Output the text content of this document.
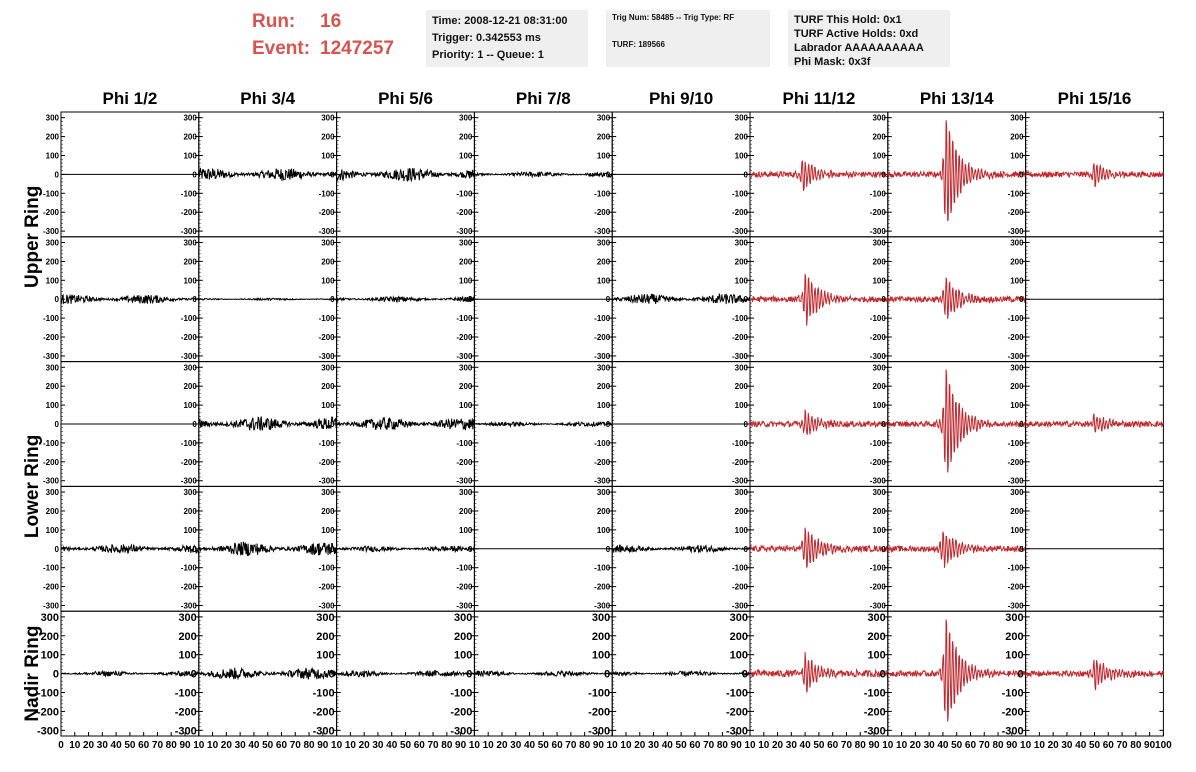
Run: 16
Event: 1247257
Time: 2008-12-21 08:31:00
Trigger: 0.342553 ms
Priority: 1 -- Queue: 1
Trig Num: 58485 -- Trig Type: RF
TURF: 189566
TURF This Hold: 0x1
TURF Active Holds: 0xd
Labrador AAAAAAAAAA
Phi Mask: 0x3f
Phi 1/2	Phi 3/4	Phi 5/6	Phi 7/8	Phi 9/10	Phi 11/12	Phi 13/14	Phi 15/16
Upper Ring
Lower Ring
Nadir Ring
300
200
100
0
-100
-200
-300
300
200
100
0
-100
-200
-300
300
200
100
0
-100
-200
-300
300
200
100
0
-100
-200
-300
300
200
100
0
-100
-200
-300
300
200
100
0
-100
-200
-300
300
200
100
0
-100
-200
-300
300
200
100
0
-100
-200
-300
300
200
100
0
-100
-200
-300
300
200
100
0
-100
-200
-300
300
200
100
0
-100
-200
-300
300
200
100
0
-100
-200
-300
300
200
100
0
-100
-200
-300
300
200
100
0
-100
-200
-300
300
200
100
0
-100
-200
-300
300
200
100
0
-100
-200
-300
300
200
100
0
-100
-200
-300
300
200
100
0
-100
-200
-300
300
200
100
0
-100
-200
-300
300
200
100
0
-100
-200
-300
300
200
100
0
-100
-200
-300
300
200
100
0
-100
-200
-300
300
200
100
0
-100
-200
-300
300
200
100
0
-100
-200
-300
300
200
100
0
-100
-200
-300
300
200
100
0
-100
-200
-300
300
200
100
0
-100
-200
-300
300
200
100
0
-100
-200
-300
300
200
100
0
-100
-200
-300
300
200
100
0
-100
-200
-300
300
200
100
0
-100
-200
-300
300
200
100
0
-100
-200
-300
300
200
100
0
-100
-200
-300
300
200
100
0
-100
-200
-300
300
200
100
0
-100
-200
-300
300
200
100
0
-100
-200
-300
300
200
100
0
-100
-200
-300
300
200
100
0
-100
-200
-300
300
200
100
0
-100
-200
-300
300
200
100
0
-100
-200
-300
0 10 20 30 40 50 60 70 80 90 10 10 20 30 40 50 60 70 80 90 10 10 20 30 40 50 60 70 80 90 10 10 20 30 40 50 60 70 80 90 10 10 20 30 40 50 60 70 80 90 10 10 20 30 40 50 60 70 80 90 10 10 20 30 40 50 60 70 80 90 10 10 20 30 40 50 60 70 80 90 100
